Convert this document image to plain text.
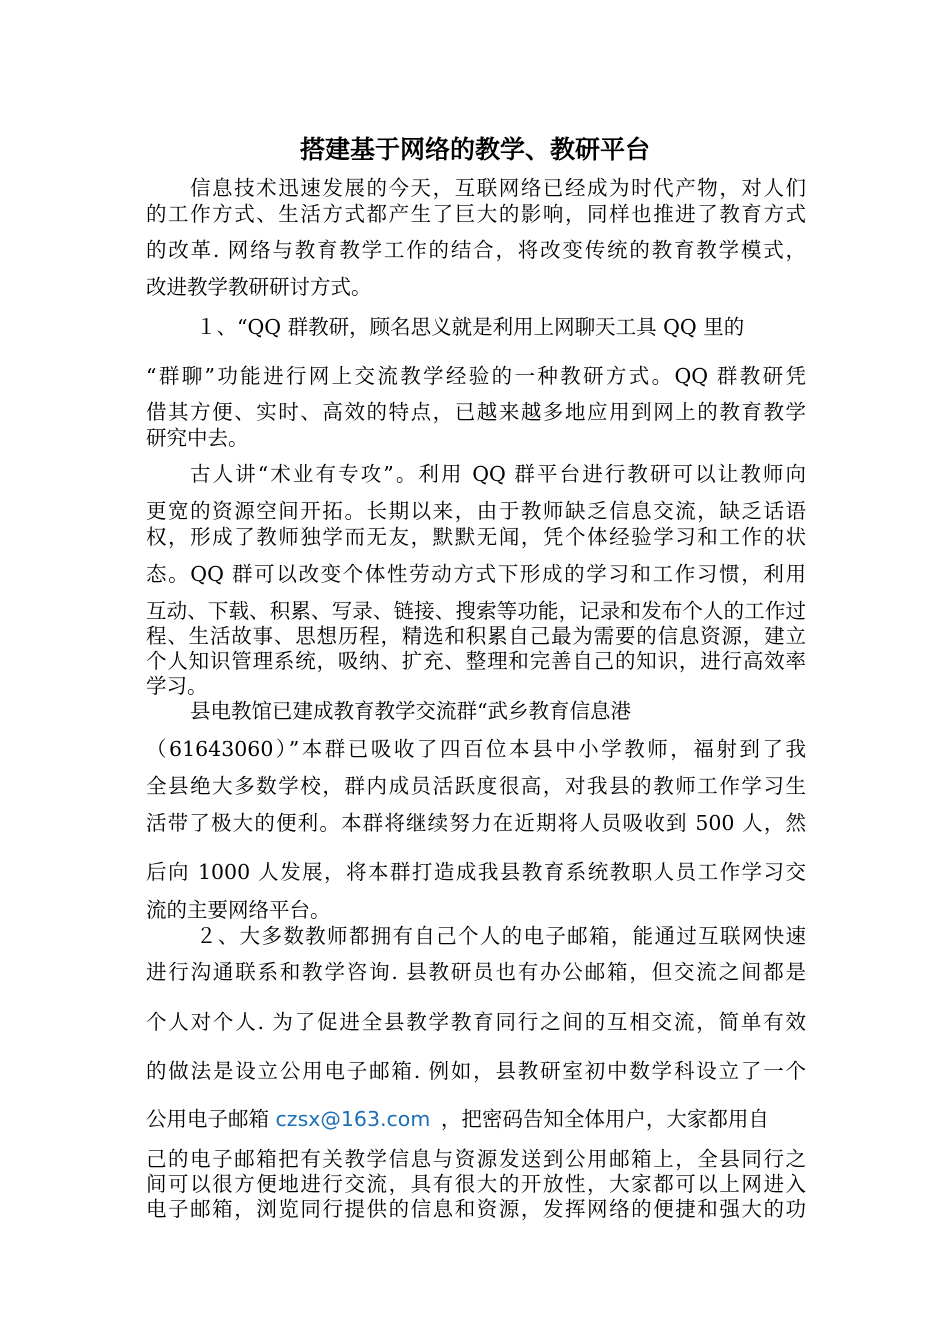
搭建基于网络的教学、教研平台
信息技术迅速发展的今天，互联网络已经成为时代产物，对人们
的工作方式、生活方式都产生了巨大的影响，同样也推进了教育方式
的改革. 网络与教育教学工作的结合，将改变传统的教育教学模式，
改进教学教研研讨方式。
１、“QQ 群教研，顾名思义就是利用上网聊天工具 QQ 里的
“群聊”功能进行网上交流教学经验的一种教研方式。QQ 群教研凭
借其方便、实时、高效的特点，已越来越多地应用到网上的教育教学
研究中去。
古人讲“术业有专攻”。利用 QQ 群平台进行教研可以让教师向
更宽的资源空间开拓。长期以来，由于教师缺乏信息交流，缺乏话语
权，形成了教师独学而无友，默默无闻，凭个体经验学习和工作的状
态。QQ 群可以改变个体性劳动方式下形成的学习和工作习惯，利用
互动、下载、积累、写录、链接、搜索等功能，记录和发布个人的工作过
程、生活故事、思想历程，精选和积累自己最为需要的信息资源，建立
个人知识管理系统，吸纳、扩充、整理和完善自己的知识，进行高效率
学习。
县电教馆已建成教育教学交流群“武乡教育信息港
（61643060）”本群已吸收了四百位本县中小学教师，福射到了我
全县绝大多数学校，群内成员活跃度很高，对我县的教师工作学习生
活带了极大的便利。本群将继续努力在近期将人员吸收到 500 人，然
后向 1000 人发展，将本群打造成我县教育系统教职人员工作学习交
流的主要网络平台。
２、大多数教师都拥有自己个人的电子邮箱，能通过互联网快速
进行沟通联系和教学咨询. 县教研员也有办公邮箱，但交流之间都是
个人对个人. 为了促进全县教学教育同行之间的互相交流，简单有效
的做法是设立公用电子邮箱. 例如，县教研室初中数学科设立了一个
公用电子邮箱 czsx@163.com ，把密码告知全体用户，大家都用自
己的电子邮箱把有关教学信息与资源发送到公用邮箱上，全县同行之
间可以很方便地进行交流，具有很大的开放性，大家都可以上网进入
电子邮箱，浏览同行提供的信息和资源，发挥网络的便捷和强大的功
